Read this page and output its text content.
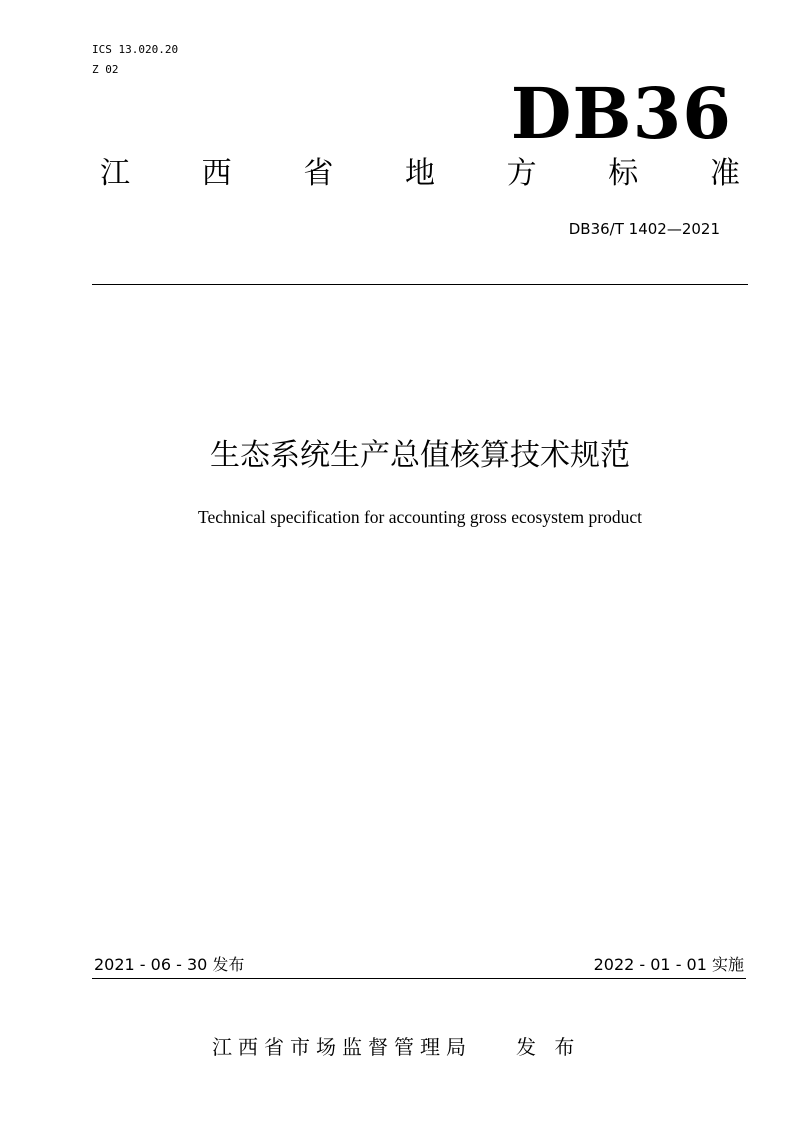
ICS 13.020.20
Z 02
DB36
江 西 省 地 方 标 准
DB36/T 1402—2021
生态系统生产总值核算技术规范
Technical specification for accounting gross ecosystem product
2021 - 06 - 30 发布	2022 - 01 - 01 实施
江西省市场监督管理局 发 布
